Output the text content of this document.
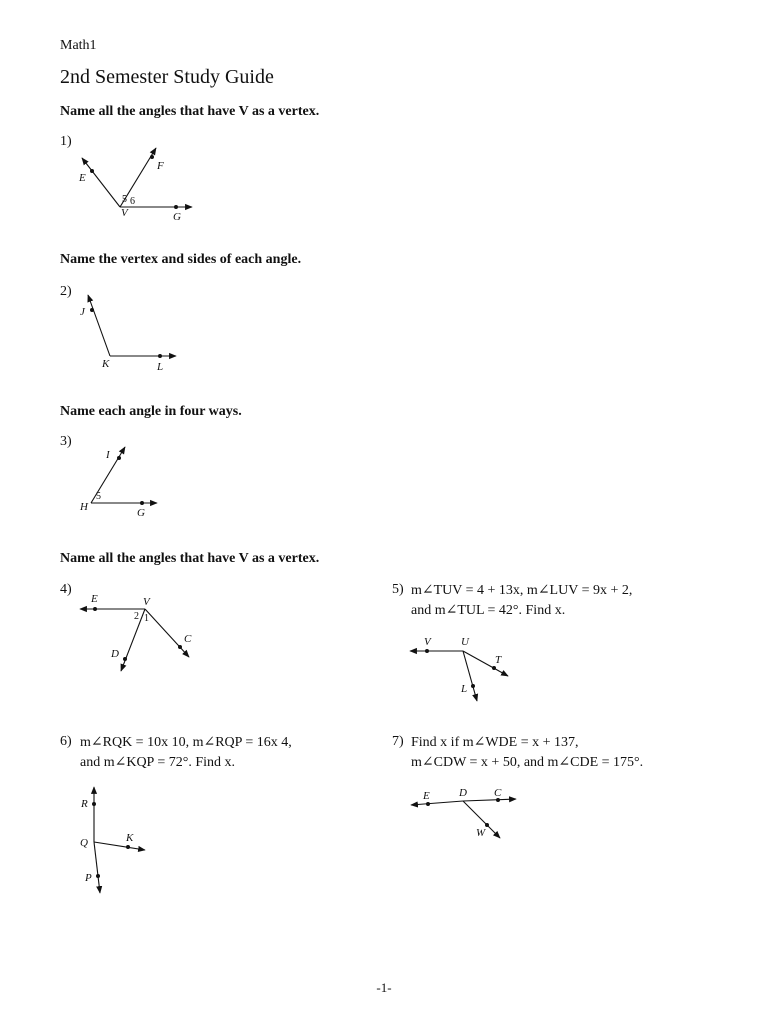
Math1
2nd Semester Study Guide
Name all the angles that have V as a vertex.
1)
E
F
V	G
5 6
Name the vertex and sides of each angle.
2)
J
K	L
Name each angle in four ways.
3)
I
H	G
5
Name all the angles that have V as a vertex.
4)
E	V
2 1
C
D
5) m∠TUV = 4 + 13x, m∠LUV = 9x + 2,
and m∠TUL = 42°. Find x.
V	U
T
L
6) m∠RQK = 10x 10, m∠RQP = 16x 4,
and m∠KQP = 72°. Find x.
R
Q	K
P
7) Find x if m∠WDE = x + 137,
m∠CDW = x + 50, and m∠CDE = 175°.
E	D C
W
-1-
